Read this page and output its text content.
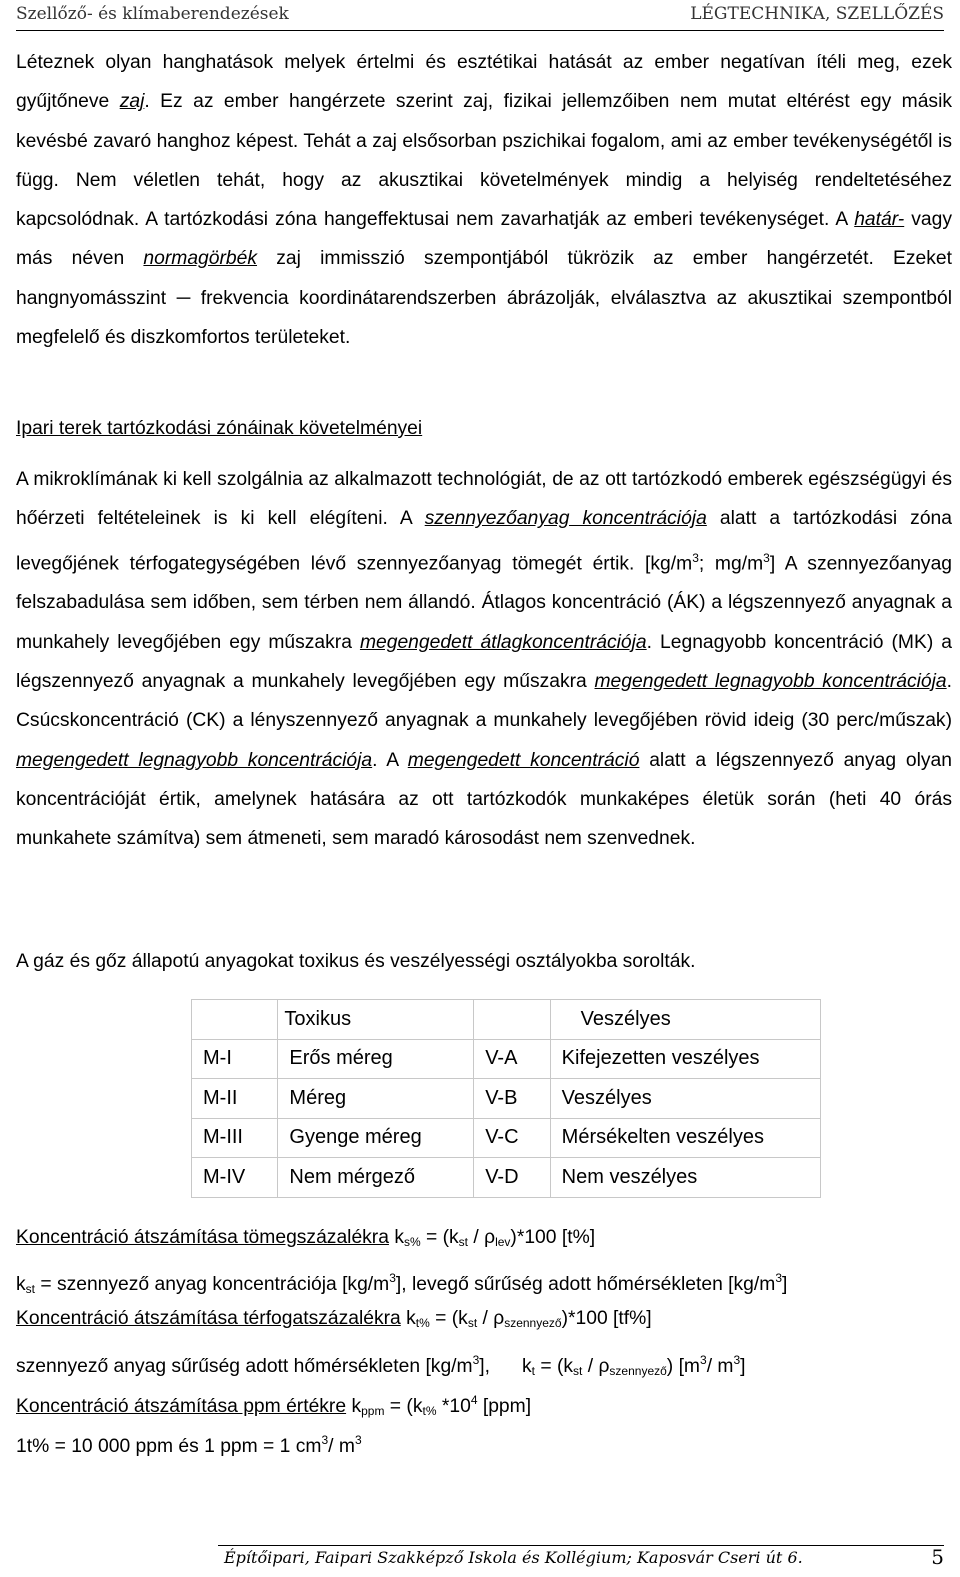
Szellőző- és klímaberendezések	LÉGTECHNIKA, SZELLŐZÉS

Léteznek olyan hanghatások melyek értelmi és esztétikai hatását az ember negatívan ítéli meg, ezek gyűjtőneve zaj. Ez az ember hangérzete szerint zaj, fizikai jellemzőiben nem mutat eltérést egy másik kevésbé zavaró hanghoz képest. Tehát a zaj elsősorban pszichikai fogalom, ami az ember tevékenységétől is függ. Nem véletlen tehát, hogy az akusztikai követelmények mindig a helyiség rendeltetéséhez kapcsolódnak. A tartózkodási zóna hangeffektusai nem zavarhatják az emberi tevékenységet. A határ- vagy más néven normagörbék zaj immisszió szempontjából tükrözik az ember hangérzetét. Ezeket hangnyomásszint ─ frekvencia koordinátarendszerben ábrázolják, elválasztva az akusztikai szempontból megfelelő és diszkomfortos területeket.

Ipari terek tartózkodási zónáinak követelményei

A mikroklímának ki kell szolgálnia az alkalmazott technológiát, de az ott tartózkodó emberek egészségügyi és hőérzeti feltételeinek is ki kell elégíteni. A szennyezőanyag koncentrációja alatt a tartózkodási zóna levegőjének térfogategységében lévő szennyezőanyag tömegét értik. [$kg/m^3$; $mg/m^3$] A szennyezőanyag felszabadulása sem időben, sem térben nem állandó. Átlagos koncentráció (ÁK) a légszennyező anyagnak a munkahely levegőjében egy műszakra megengedett átlagkoncentrációja. Legnagyobb koncentráció (MK) a légszennyező anyagnak a munkahely levegőjében egy műszakra megengedett legnagyobb koncentrációja. Csúcskoncentráció (CK) a lényszennyező anyagnak a munkahely levegőjében rövid ideig (30 perc/műszak) megengedett legnagyobb koncentrációja. A megengedett koncentráció alatt a légszennyező anyag olyan koncentrációját értik, amelynek hatására az ott tartózkodók munkaképes életük során (heti 40 órás munkahete számítva) sem átmeneti, sem maradó károsodást nem szenvednek.

A gáz és gőz állapotú anyagokat toxikus és veszélyességi osztályokba sorolták.

	Toxikus		Veszélyes
M-I	Erős méreg	V-A	Kifejezetten veszélyes
M-II	Méreg	V-B	Veszélyes
M-III	Gyenge méreg	V-C	Mérsékelten veszélyes
M-IV	Nem mérgező	V-D	Nem veszélyes

Koncentráció átszámítása tömegszázalékra $k_{s\%} = (k_{st} / \rho_{lev})*100$ [t%]

$k_{st}$ = szennyező anyag koncentrációja $[kg/m^3]$, levegő sűrűség adott hőmérsékleten $[kg/m^3]$

Koncentráció átszámítása térfogatszázalékra $k_{t\%} = (k_{st} / \rho_{szennyező})*100$ [tf%]

szennyező anyag sűrűség adott hőmérsékleten $[kg/m^3]$, $k_t = (k_{st} / \rho_{szennyező})$ [$m^3/$ $m^3$]

Koncentráció átszámítása ppm értékre $k_{ppm} = (k_{t\%}$ $*10^4$ [ppm]

1t% = 10 000 ppm és 1 ppm = 1 $cm^3/$ $m^3$

Építőipari, Faipari Szakképző Iskola és Kollégium; Kaposvár Cseri út 6.	5
